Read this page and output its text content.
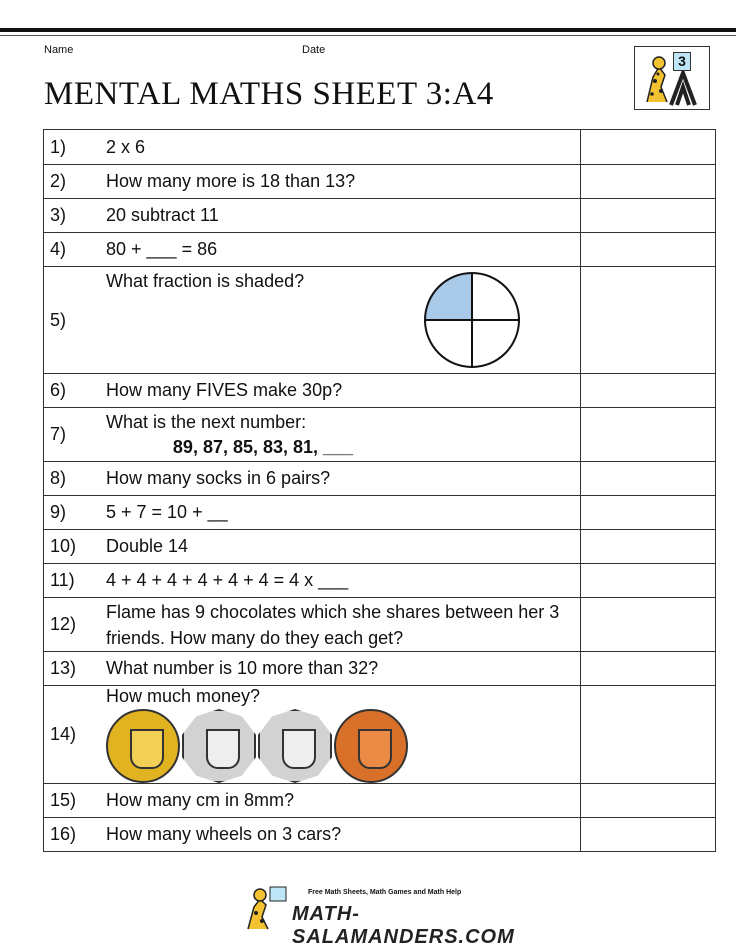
Name	Date
MENTAL MATHS SHEET 3:A4
3
1)	2 x 6	
2)	How many more is 18 than 13?	
3)	20 subtract 11	
4)	80 + ___ = 86	
5)	What fraction is shaded?	

6)	How many FIVES make 30p?	
7)	What is the next number:
89, 87, 85, 83, 81, ___	

8)	How many socks in 6 pairs?	
9)	5 + 7 = 10 + __	
10)	Double 14	
11)	4 + 4 + 4 + 4 + 4 + 4 = 4 x ___	
12)	Flame has 9 chocolates which she shares between her 3 friends. How many do they each get?	

13)	What number is 10 more than 32?	
14)	How much money?	

15)	How many cm in 8mm?	
16)	How many wheels on 3 cars?	
Free Math Sheets, Math Games and Math Help
MATH-SALAMANDERS.COM
